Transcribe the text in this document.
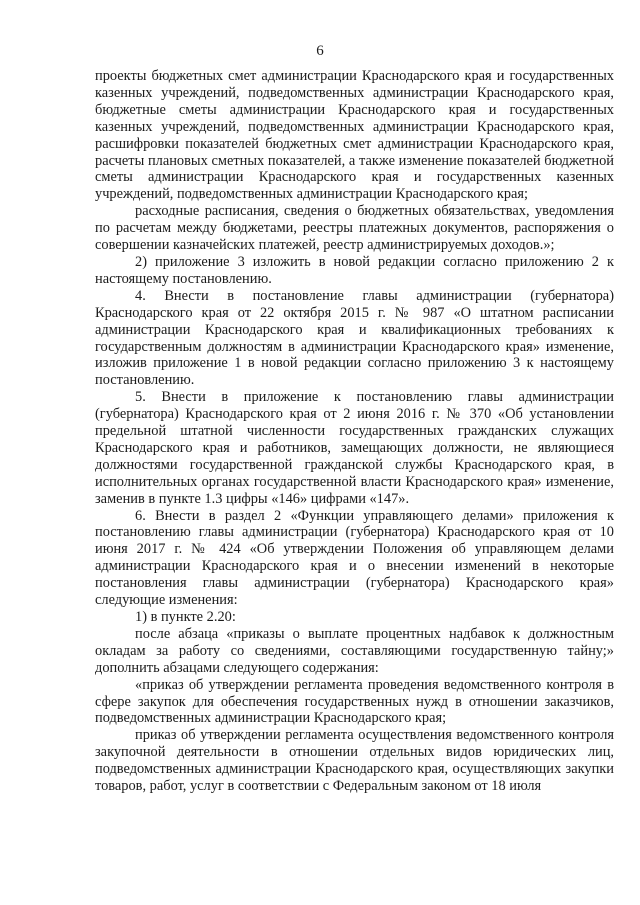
6

проекты бюджетных смет администрации Краснодарского края и государственных казенных учреждений, подведомственных администрации Краснодарского края, бюджетные сметы администрации Краснодарского края и государственных казенных учреждений, подведомственных администрации Краснодарского края, расшифровки показателей бюджетных смет администрации Краснодарского края, расчеты плановых сметных показателей, а также изменение показателей бюджетной сметы администрации Краснодарского края и государственных казенных учреждений, подведомственных администрации Краснодарского края;

расходные расписания, сведения о бюджетных обязательствах, уведомления по расчетам между бюджетами, реестры платежных документов, распоряжения о совершении казначейских платежей, реестр администрируемых доходов.»;

2) приложение 3 изложить в новой редакции согласно приложению 2 к настоящему постановлению.

4. Внести в постановление главы администрации (губернатора) Краснодарского края от 22 октября 2015 г. № 987 «О штатном расписании администрации Краснодарского края и квалификационных требованиях к государственным должностям в администрации Краснодарского края» изменение, изложив приложение 1 в новой редакции согласно приложению 3 к настоящему постановлению.

5. Внести в приложение к постановлению главы администрации (губернатора) Краснодарского края от 2 июня 2016 г. № 370 «Об установлении предельной штатной численности государственных гражданских служащих Краснодарского края и работников, замещающих должности, не являющиеся должностями государственной гражданской службы Краснодарского края, в исполнительных органах государственной власти Краснодарского края» изменение, заменив в пункте 1.3 цифры «146» цифрами «147».

6. Внести в раздел 2 «Функции управляющего делами» приложения к постановлению главы администрации (губернатора) Краснодарского края от 10 июня 2017 г. № 424 «Об утверждении Положения об управляющем делами администрации Краснодарского края и о внесении изменений в некоторые постановления главы администрации (губернатора) Краснодарского края» следующие изменения:

1) в пункте 2.20:

после абзаца «приказы о выплате процентных надбавок к должностным окладам за работу со сведениями, составляющими государственную тайну;» дополнить абзацами следующего содержания:

«приказ об утверждении регламента проведения ведомственного контроля в сфере закупок для обеспечения государственных нужд в отношении заказчиков, подведомственных администрации Краснодарского края;

приказ об утверждении регламента осуществления ведомственного контроля закупочной деятельности в отношении отдельных видов юридических лиц, подведомственных администрации Краснодарского края, осуществляющих закупки товаров, работ, услуг в соответствии с Федеральным законом от 18 июля
